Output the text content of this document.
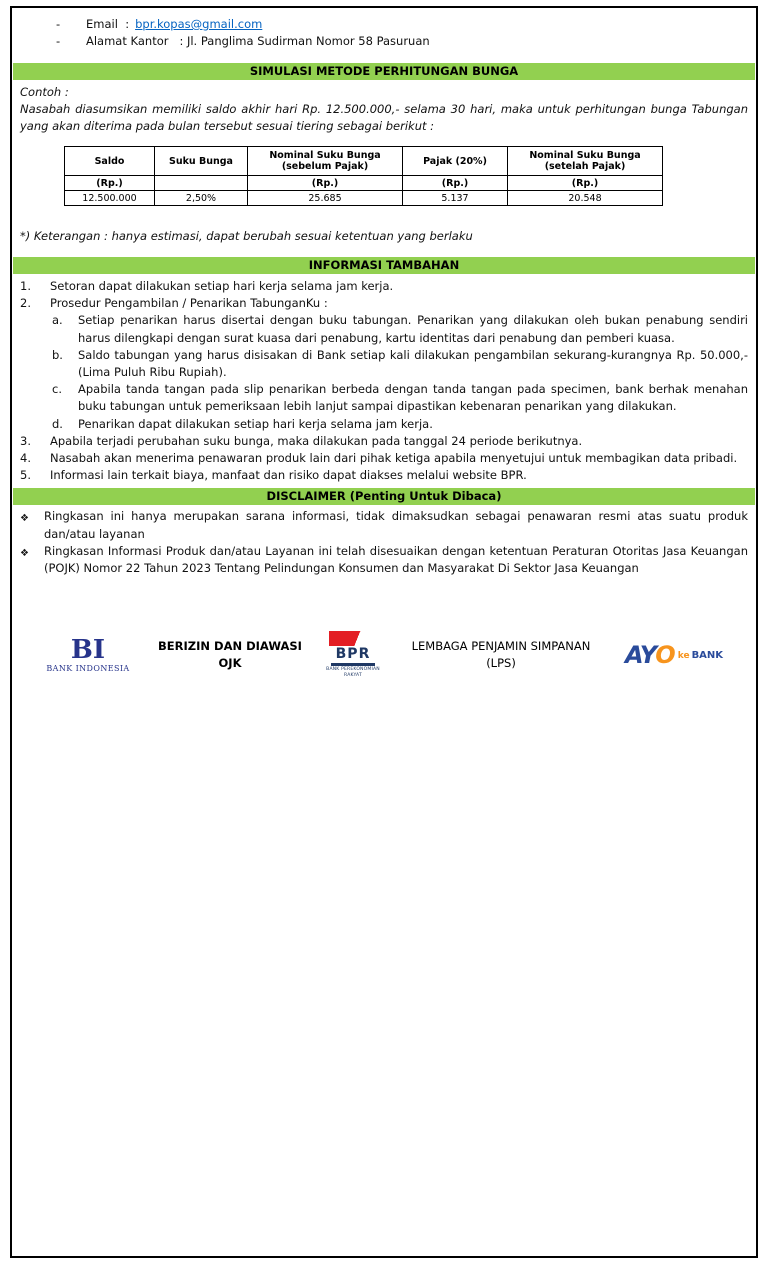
-	Email  : bpr.kopas@gmail.com
-	Alamat Kantor   : Jl. Panglima Sudirman Nomor 58 Pasuruan
SIMULASI METODE PERHITUNGAN BUNGA
Contoh :
Nasabah diasumsikan memiliki saldo akhir hari Rp. 12.500.000,- selama 30 hari, maka untuk perhitungan bunga Tabungan yang akan diterima pada bulan tersebut sesuai tiering sebagai berikut :
Saldo	Suku Bunga	Nominal Suku Bunga (sebelum Pajak)	Pajak (20%)	Nominal Suku Bunga (setelah Pajak)
(Rp.)		(Rp.)	(Rp.)	(Rp.)
12.500.000	2,50%	25.685	5.137	20.548
*) Keterangan : hanya estimasi, dapat berubah sesuai ketentuan yang berlaku
INFORMASI TAMBAHAN
1.	Setoran dapat dilakukan setiap hari kerja selama jam kerja.
2.	Prosedur Pengambilan / Penarikan TabunganKu :
a.	Setiap penarikan harus disertai dengan buku tabungan. Penarikan yang dilakukan oleh bukan penabung sendiri harus dilengkapi dengan surat kuasa dari penabung, kartu identitas dari penabung dan pemberi kuasa.
b.	Saldo tabungan yang harus disisakan di Bank setiap kali dilakukan pengambilan sekurang-kurangnya Rp. 50.000,- (Lima Puluh Ribu Rupiah).
c.	Apabila tanda tangan pada slip penarikan berbeda dengan tanda tangan pada specimen, bank berhak menahan buku tabungan untuk pemeriksaan lebih lanjut sampai dipastikan kebenaran penarikan yang dilakukan.
d.	Penarikan dapat dilakukan setiap hari kerja selama jam kerja.
3.	Apabila terjadi perubahan suku bunga, maka dilakukan pada tanggal 24 periode berikutnya.
4.	Nasabah akan menerima penawaran produk lain dari pihak ketiga apabila menyetujui untuk membagikan data pribadi.
5.	Informasi lain terkait biaya, manfaat dan risiko dapat diakses melalui website BPR.
DISCLAIMER (Penting Untuk Dibaca)
❖	Ringkasan ini hanya merupakan sarana informasi, tidak dimaksudkan sebagai penawaran resmi atas suatu produk dan/atau layanan
❖	Ringkasan Informasi Produk dan/atau Layanan ini telah disesuaikan dengan ketentuan Peraturan Otoritas Jasa Keuangan (POJK) Nomor 22 Tahun 2023 Tentang Pelindungan Konsumen dan Masyarakat Di Sektor Jasa Keuangan
BI
BANK INDONESIA
BERIZIN DAN DIAWASI
OJK
BPR
BANK PEREKONOMIAN RAKYAT
LEMBAGA PENJAMIN SIMPANAN
(LPS)	AYO ke BANK
